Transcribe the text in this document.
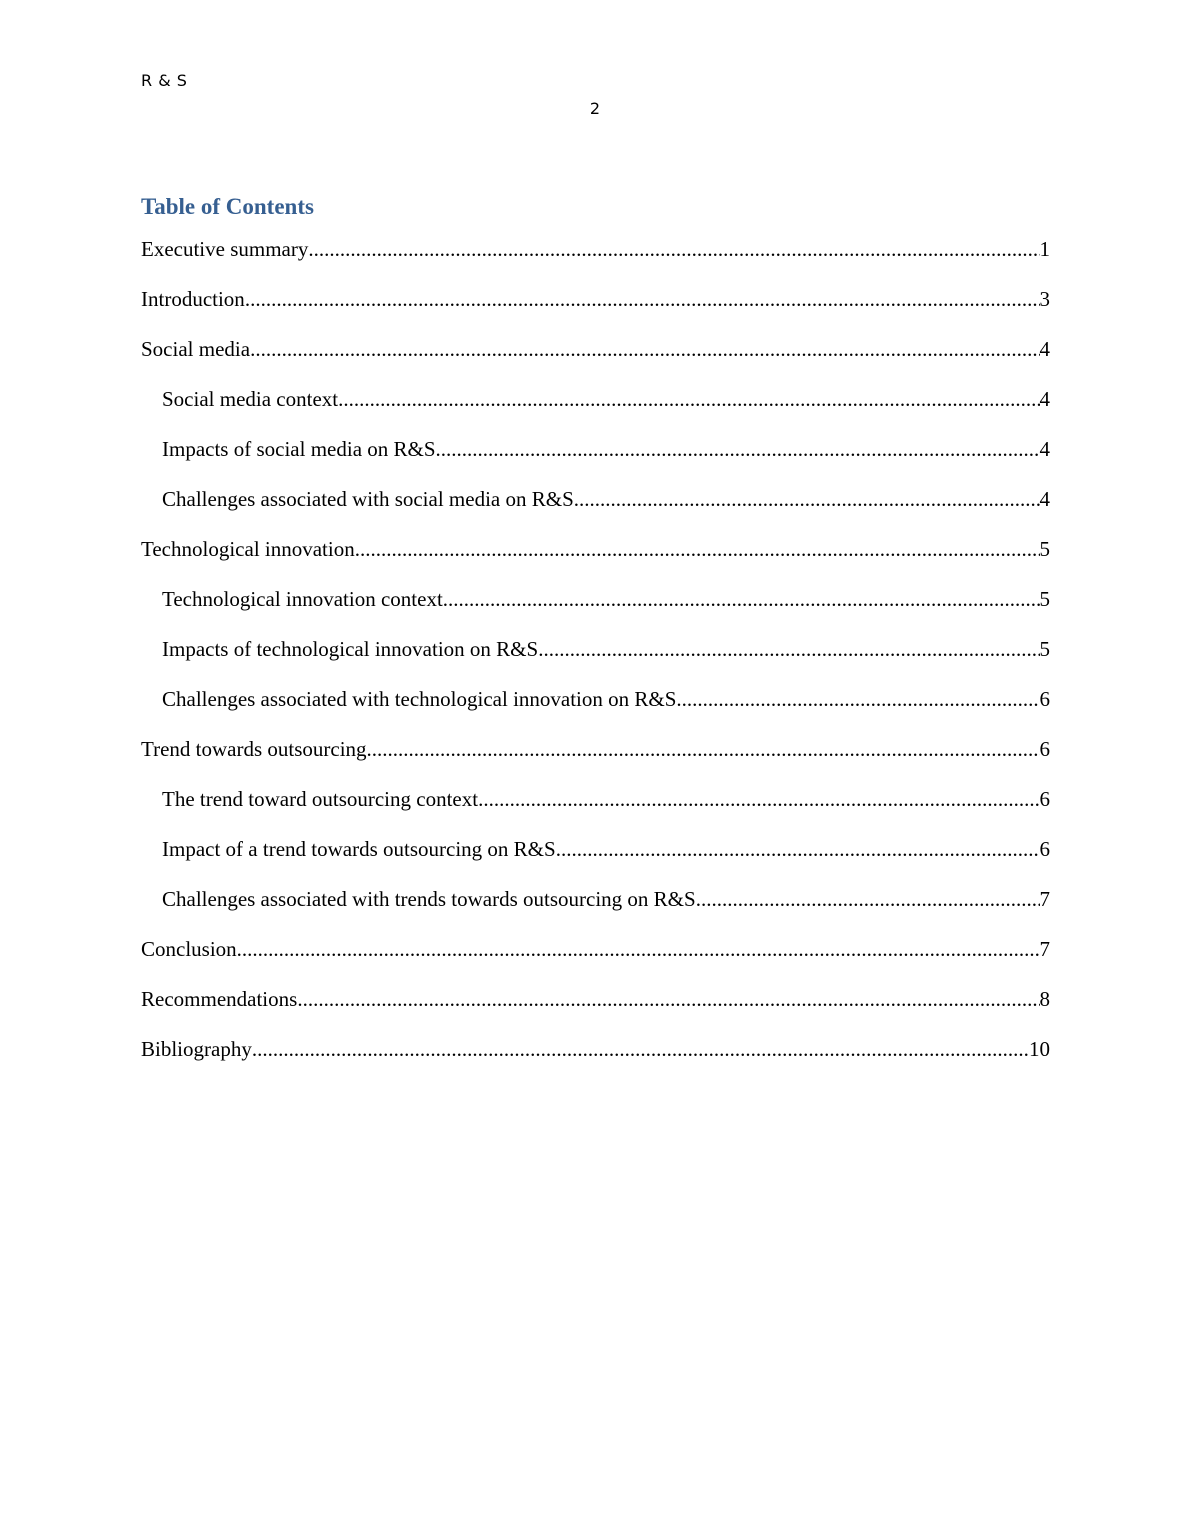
R & S
2
Table of Contents
Executive summary .....	1
Introduction .....	3
Social media .....	4
Social media context .....	4
Impacts of social media on R&S .....	4
Challenges associated with social media on R&S .....	4
Technological innovation .....	5
Technological innovation context .....	5
Impacts of technological innovation on R&S .....	5
Challenges associated with technological innovation on R&S .....	6
Trend towards outsourcing .....	6
The trend toward outsourcing context .....	6
Impact of a trend towards outsourcing on R&S .....	6
Challenges associated with trends towards outsourcing on R&S .....	7
Conclusion .....	7
Recommendations .....	8
Bibliography .....	10
